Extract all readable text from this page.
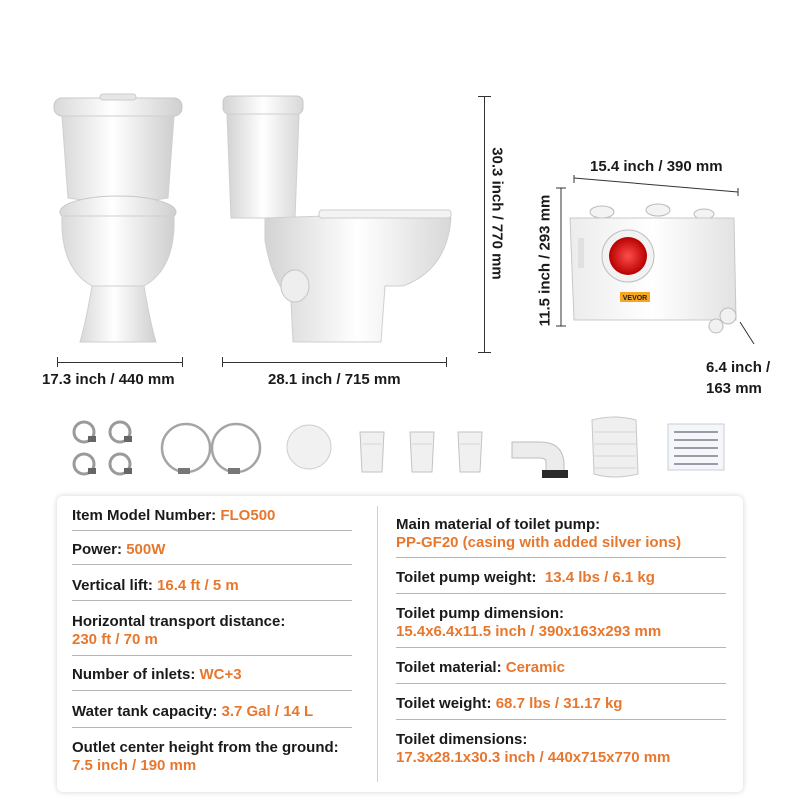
30.3 inch / 770 mm
17.3 inch / 440 mm	28.1 inch / 715 mm
15.4 inch / 390 mm
11.5 inch / 293 mm	VEVOR
6.4 inch /
163 mm
Item Model Number: FLO500
Power: 500W
Vertical lift: 16.4 ft / 5 m
Horizontal transport distance:
230 ft / 70 m
Number of inlets: WC+3
Water tank capacity: 3.7 Gal / 14 L
Outlet center height from the ground:
7.5 inch / 190 mm
Main material of toilet pump:
PP-GF20 (casing with added silver ions)
Toilet pump weight:  13.4 lbs / 6.1 kg
Toilet pump dimension:
15.4x6.4x11.5 inch / 390x163x293 mm
Toilet material: Ceramic
Toilet weight: 68.7 lbs / 31.17 kg
Toilet dimensions:
17.3x28.1x30.3 inch / 440x715x770 mm
